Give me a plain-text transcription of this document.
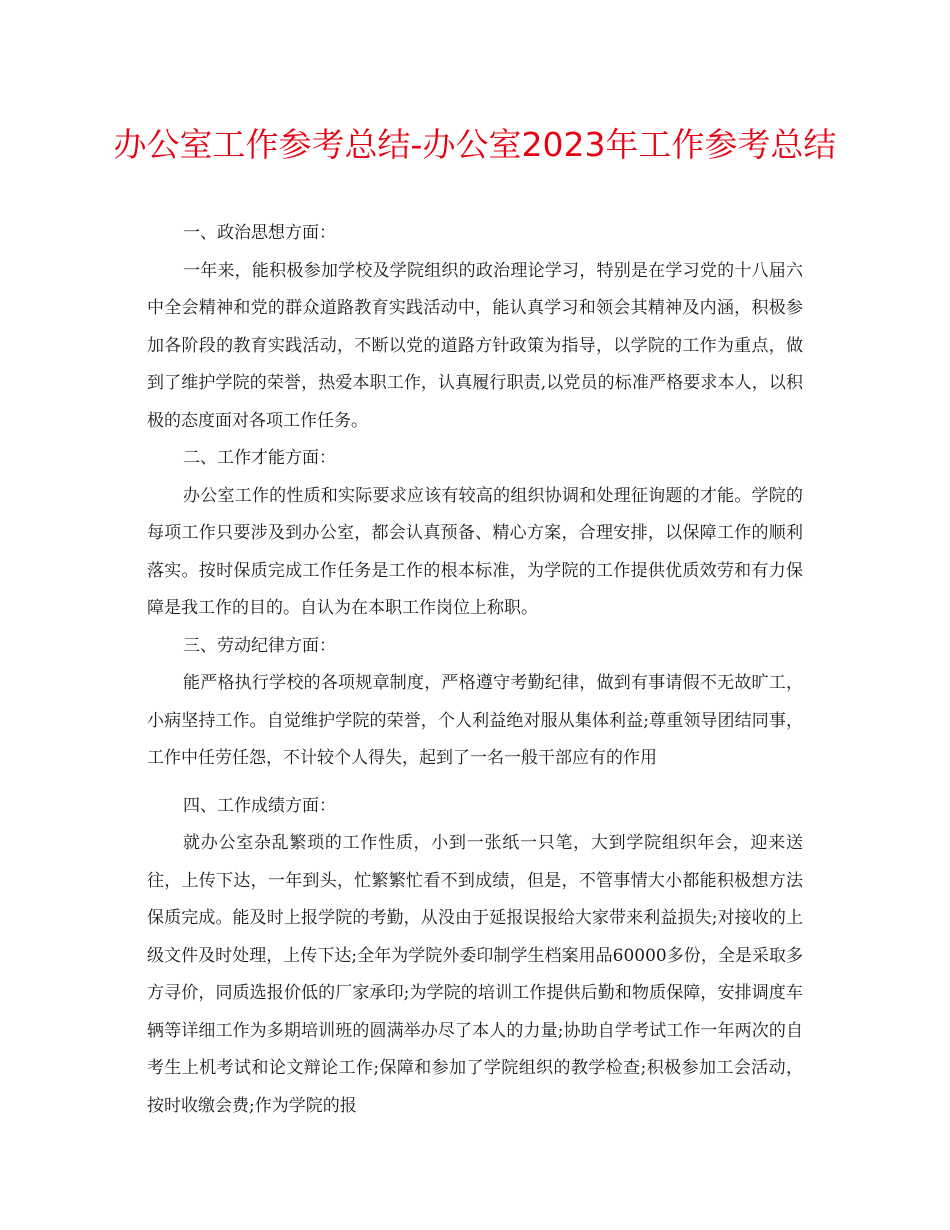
办公室工作参考总结-办公室2023年工作参考总结

一、政治思想方面：

一年来，能积极参加学校及学院组织的政治理论学习，特别是在学习党的十八届六中全会精神和党的群众道路教育实践活动中，能认真学习和领会其精神及内涵，积极参加各阶段的教育实践活动，不断以党的道路方针政策为指导，以学院的工作为重点，做到了维护学院的荣誉，热爱本职工作，认真履行职责,以党员的标准严格要求本人，以积极的态度面对各项工作任务。

二、工作才能方面：

办公室工作的性质和实际要求应该有较高的组织协调和处理征询题的才能。学院的每项工作只要涉及到办公室，都会认真预备、精心方案，合理安排，以保障工作的顺利落实。按时保质完成工作任务是工作的根本标准，为学院的工作提供优质效劳和有力保障是我工作的目的。自认为在本职工作岗位上称职。

三、劳动纪律方面：

能严格执行学校的各项规章制度，严格遵守考勤纪律，做到有事请假不无故旷工，小病坚持工作。自觉维护学院的荣誉，个人利益绝对服从集体利益;尊重领导团结同事，工作中任劳任怨，不计较个人得失，起到了一名一般干部应有的作用

四、工作成绩方面：

就办公室杂乱繁琐的工作性质，小到一张纸一只笔，大到学院组织年会，迎来送往，上传下达，一年到头，忙繁繁忙看不到成绩，但是，不管事情大小都能积极想方法保质完成。能及时上报学院的考勤，从没由于延报误报给大家带来利益损失;对接收的上级文件及时处理，上传下达;全年为学院外委印制学生档案用品60000多份，全是采取多方寻价，同质选报价低的厂家承印;为学院的培训工作提供后勤和物质保障，安排调度车辆等详细工作为多期培训班的圆满举办尽了本人的力量;协助自学考试工作一年两次的自考生上机考试和论文辩论工作;保障和参加了学院组织的教学检查;积极参加工会活动，按时收缴会费;作为学院的报
